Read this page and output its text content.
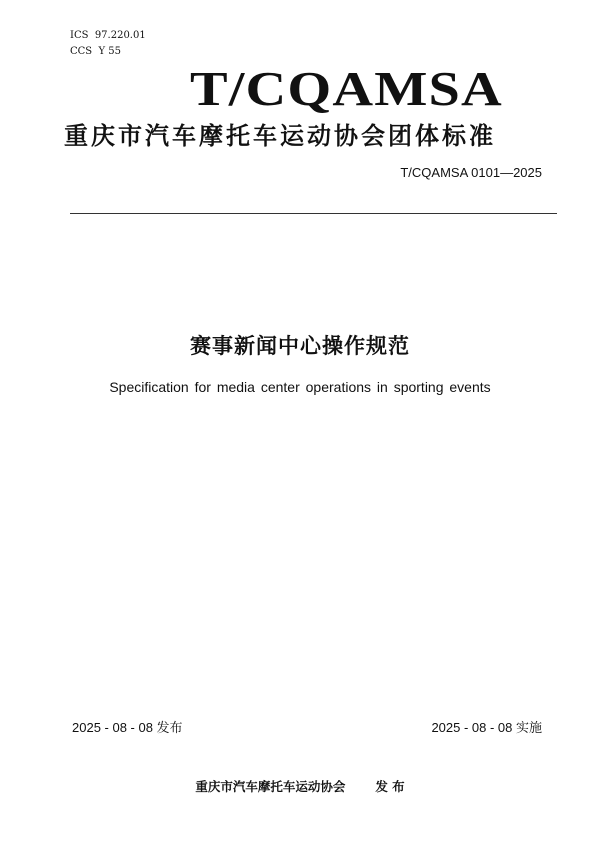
ICS 97.220.01
CCS Y 55
T/CQAMSA
重庆市汽车摩托车运动协会团体标准
T/CQAMSA 0101—2025
赛事新闻中心操作规范
Specification for media center operations in sporting events
2025 - 08 - 08 发布	2025 - 08 - 08 实施
重庆市汽车摩托车运动协会 发 布
